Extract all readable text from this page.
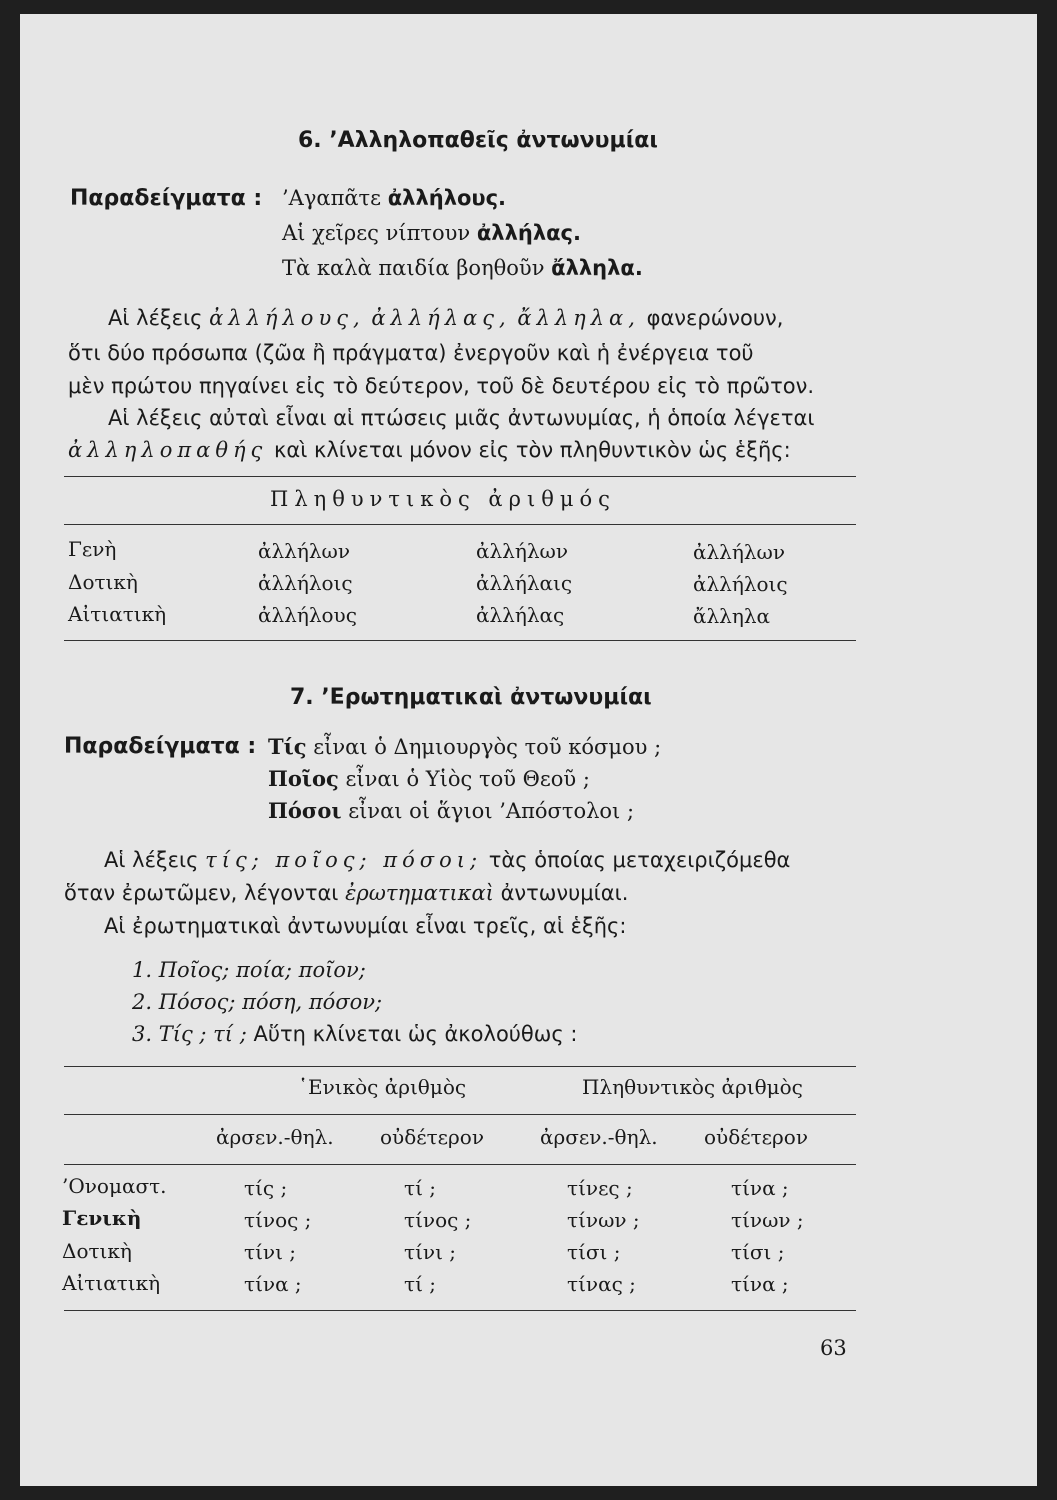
6. ’Αλληλοπαθεῖς ἀντωνυμίαι
Παραδείγματα : ’Αγαπᾶτε ἀλλήλους.
Αἱ χεῖρες νίπτουν ἀλλήλας.
Τὰ καλὰ παιδία βοηθοῦν ἄλληλα.
Αἱ λέξεις ἀλλήλους, ἀλλήλας, ἄλληλα, φανερώνουν,
ὅτι δύο πρόσωπα (ζῶα ἢ πράγματα) ἐνεργοῦν καὶ ἡ ἐνέργεια τοῦ
μὲν πρώτου πηγαίνει εἰς τὸ δεύτερον, τοῦ δὲ δευτέρου εἰς τὸ πρῶτον.
Αἱ λέξεις αὐταὶ εἶναι αἱ πτώσεις μιᾶς ἀντωνυμίας, ἡ ὁποία λέγεται
ἀλληλοπαθής καὶ κλίνεται μόνον εἰς τὸν πληθυντικὸν ὡς ἑξῆς:
Πληθυντικὸς ἀριθμός
Γενὴ	ἀλλήλων	ἀλλήλων	ἀλλήλων
Δοτικὴ	ἀλλήλοις	ἀλλήλαις	ἀλλήλοις
Αἰτιατικὴ	ἀλλήλους	ἀλλήλας	ἄλληλα
7. ’Ερωτηματικαὶ ἀντωνυμίαι
Παραδείγματα : Τίς εἶναι ὁ Δημιουργὸς τοῦ κόσμου ;
Ποῖος εἶναι ὁ Υἱὸς τοῦ Θεοῦ ;
Πόσοι εἶναι οἱ ἅγιοι ’Απόστολοι ;
Αἱ λέξεις τίς; ποῖος; πόσοι; τὰς ὁποίας μεταχειριζόμεθα
ὅταν ἐρωτῶμεν, λέγονται ἐρωτηματικαὶ ἀντωνυμίαι.
Αἱ ἐρωτηματικαὶ ἀντωνυμίαι εἶναι τρεῖς, αἱ ἑξῆς:
1. Ποῖος; ποία; ποῖον;
2. Πόσος; πόση, πόσον;
3. Τίς ; τί ; Αὕτη κλίνεται ὡς ἀκολούθως :
῾Ενικὸς ἀριθμὸς	Πληθυντικὸς ἀριθμὸς
ἀρσεν.-θηλ. οὐδέτερον	ἀρσεν.-θηλ. οὐδέτερον
’Ονομαστ.	τίς ;	τί ;	τίνες ;	τίνα ;
Γενικὴ	τίνος ;	τίνος ;	τίνων ;	τίνων ;
Δοτικὴ	τίνι ;	τίνι ;	τίσι ;	τίσι ;
Αἰτιατικὴ	τίνα ;	τί ;	τίνας ;	τίνα ;
63
